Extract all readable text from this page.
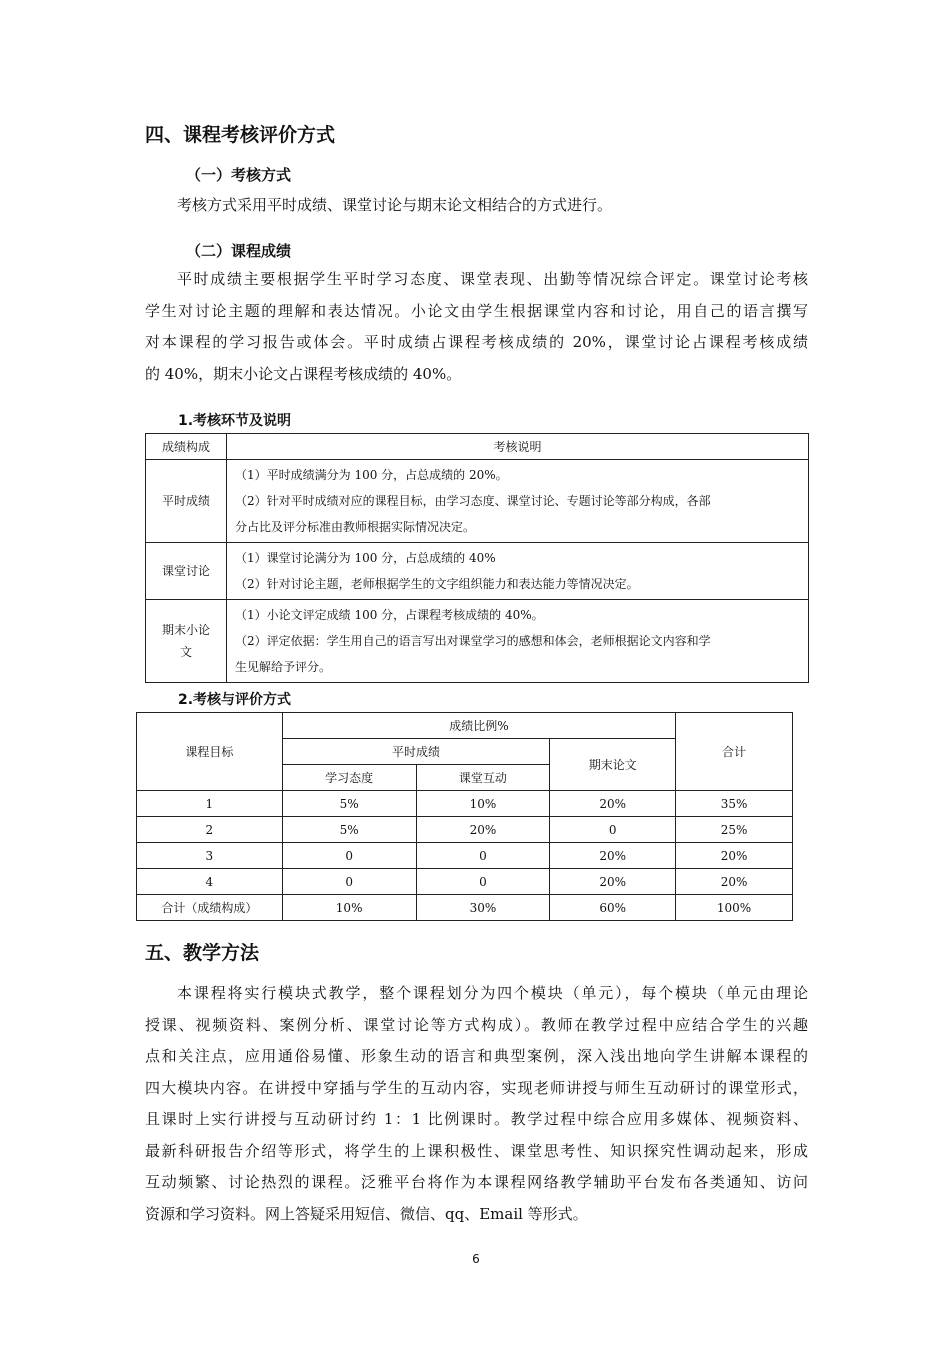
四、课程考核评价方式
（一）考核方式
考核方式采用平时成绩、课堂讨论与期末论文相结合的方式进行。
（二）课程成绩
平时成绩主要根据学生平时学习态度、课堂表现、出勤等情况综合评定。课堂讨论考核
学生对讨论主题的理解和表达情况。小论文由学生根据课堂内容和讨论，用自己的语言撰写
对本课程的学习报告或体会。平时成绩占课程考核成绩的 20%，课堂讨论占课程考核成绩
的 40%，期末小论文占课程考核成绩的 40%。
1.考核环节及说明
成绩构成	考核说明
平时成绩	（1）平时成绩满分为 100 分，占总成绩的 20%。
（2）针对平时成绩对应的课程目标，由学习态度、课堂讨论、专题讨论等部分构成，各部
分占比及评分标准由教师根据实际情况决定。

课堂讨论	（1）课堂讨论满分为 100 分，占总成绩的 40%
（2）针对讨论主题，老师根据学生的文字组织能力和表达能力等情况决定。

期末小论
文	（1）小论文评定成绩 100 分，占课程考核成绩的 40%。
（2）评定依据：学生用自己的语言写出对课堂学习的感想和体会，老师根据论文内容和学
生见解给予评分。
2.考核与评价方式
课程目标	成绩比例%			合计
	平时成绩		期末论文	
	学习态度	课堂互动		
1	5%	10%	20%	35%
2	5%	20%	0	25%
3	0	0	20%	20%
4	0	0	20%	20%
合计（成绩构成）	10%	30%	60%	100%
五、教学方法
本课程将实行模块式教学，整个课程划分为四个模块（单元），每个模块（单元由理论
授课、视频资料、案例分析、课堂讨论等方式构成）。教师在教学过程中应结合学生的兴趣
点和关注点，应用通俗易懂、形象生动的语言和典型案例，深入浅出地向学生讲解本课程的
四大模块内容。在讲授中穿插与学生的互动内容，实现老师讲授与师生互动研讨的课堂形式，
且课时上实行讲授与互动研讨约 1：1 比例课时。教学过程中综合应用多媒体、视频资料、
最新科研报告介绍等形式，将学生的上课积极性、课堂思考性、知识探究性调动起来，形成
互动频繁、讨论热烈的课程。泛雅平台将作为本课程网络教学辅助平台发布各类通知、访问
资源和学习资料。网上答疑采用短信、微信、qq、Email 等形式。
6
